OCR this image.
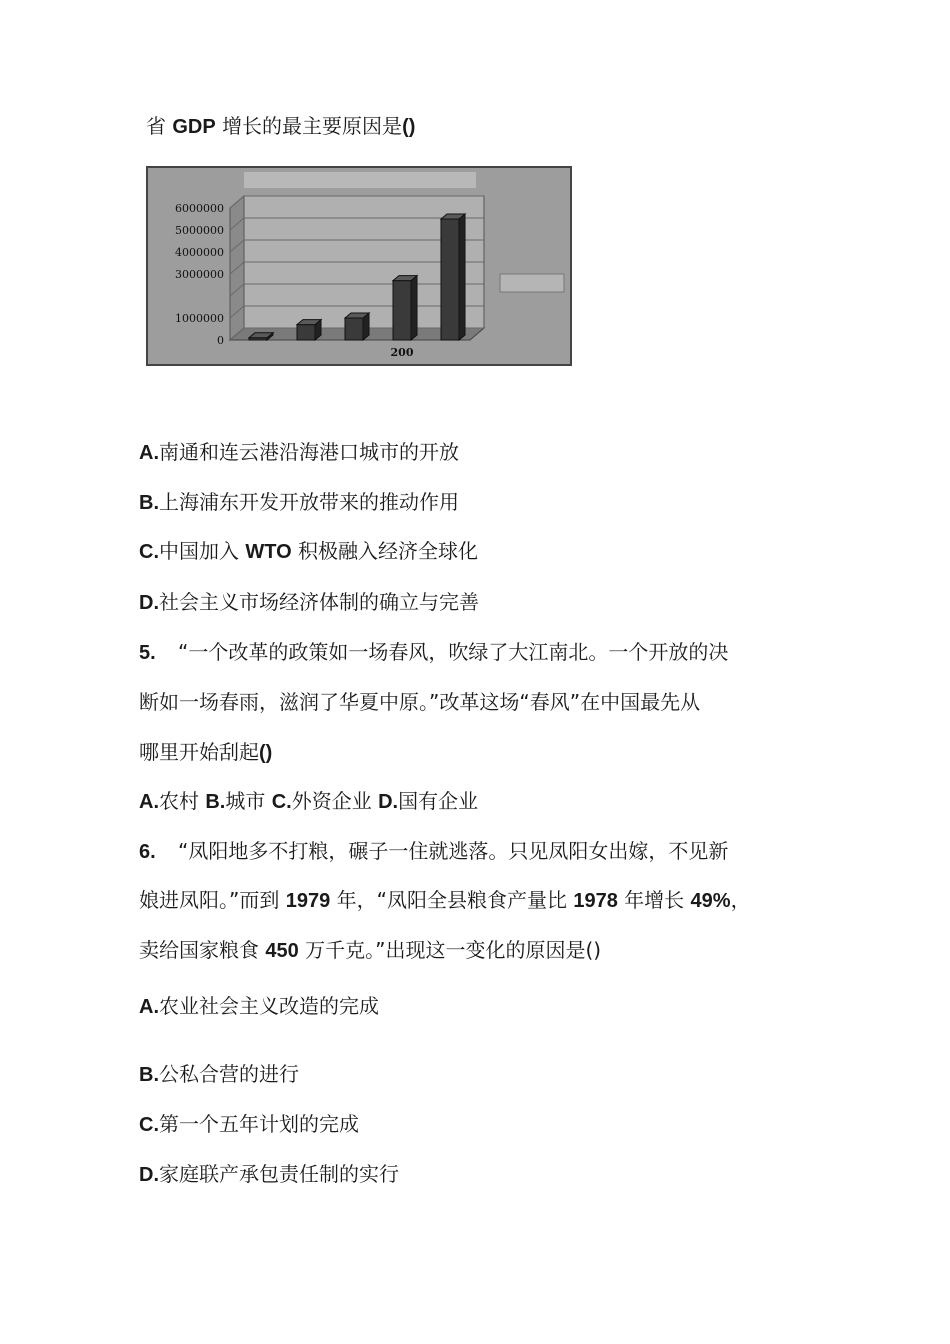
省 GDP 增长的最主要原因是()
6000000
5000000
4000000
3000000
1000000
0
200
A.南通和连云港沿海港口城市的开放
B.上海浦东开发开放带来的推动作用
C.中国加入 WTO 积极融入经济全球化
D.社会主义市场经济体制的确立与完善
5. “一个改革的政策如一场春风，吹绿了大江南北。一个开放的决
断如一场春雨，滋润了华夏中原。”改革这场“春风”在中国最先从
哪里开始刮起()
A.农村 B.城市 C.外资企业 D.国有企业
6. “凤阳地多不打粮，碾子一住就逃落。只见凤阳女出嫁，不见新
娘进凤阳。”而到 1979 年，“凤阳全县粮食产量比 1978 年增长 49%，
卖给国家粮食 450 万千克。”出现这一变化的原因是()
A.农业社会主义改造的完成
B.公私合营的进行
C.第一个五年计划的完成
D.家庭联产承包责任制的实行
